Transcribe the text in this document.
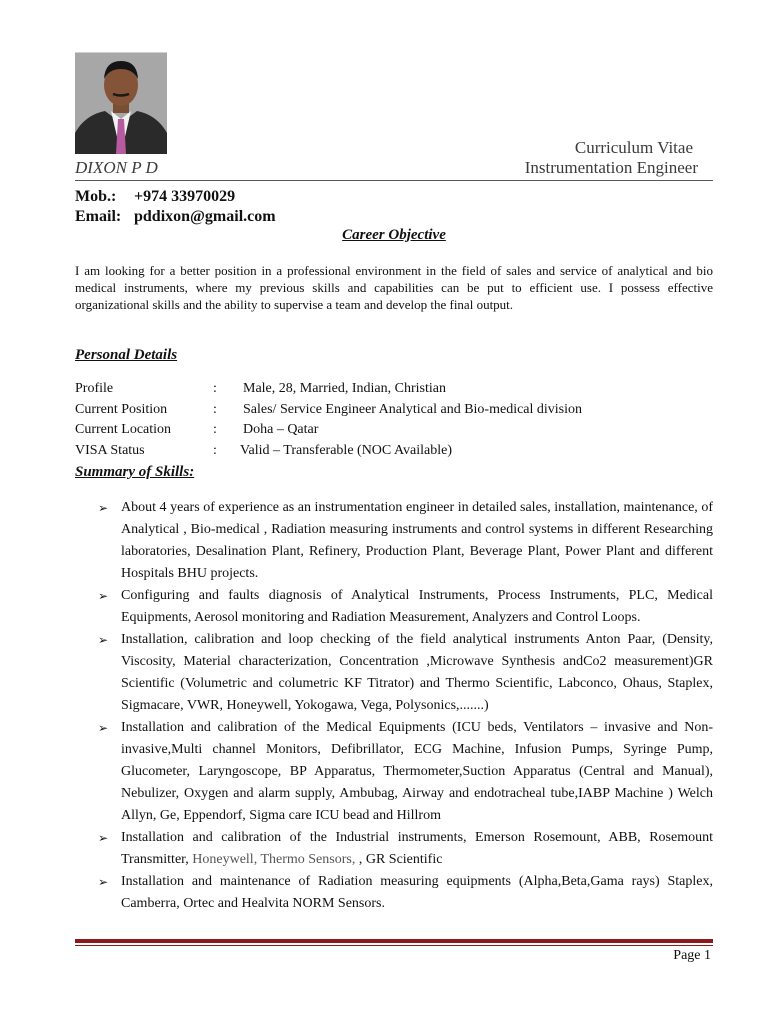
Curriculum Vitae
DIXON P D	Instrumentation Engineer
Mob.: +974 33970029
Email: pddixon@gmail.com
Career Objective
I am looking for a better position in a professional environment in the field of sales and service of analytical and bio medical instruments, where my previous skills and capabilities can be put to efficient use. I possess effective organizational skills and the ability to supervise a team and develop the final output.
Personal Details
Profile	: Male, 28, Married, Indian, Christian
Current Position	: Sales/ Service Engineer Analytical and Bio-medical division
Current Location	: Doha – Qatar
VISA Status	: Valid – Transferable (NOC Available)
Summary of Skills:
➢ About 4 years of experience as an instrumentation engineer in detailed sales, installation, maintenance, of Analytical , Bio-medical , Radiation measuring instruments and control systems in different Researching laboratories, Desalination Plant, Refinery, Production Plant, Beverage Plant, Power Plant and different Hospitals BHU projects.
➢ Configuring and faults diagnosis of Analytical Instruments, Process Instruments, PLC, Medical Equipments, Aerosol monitoring and Radiation Measurement, Analyzers and Control Loops.
➢ Installation, calibration and loop checking of the field analytical instruments Anton Paar, (Density, Viscosity, Material characterization, Concentration ,Microwave Synthesis andCo2 measurement)GR Scientific (Volumetric and columetric KF Titrator) and Thermo Scientific, Labconco, Ohaus, Staplex, Sigmacare, VWR, Honeywell, Yokogawa, Vega, Polysonics,.......)
➢ Installation and calibration of the Medical Equipments (ICU beds, Ventilators – invasive and Non-invasive,Multi channel Monitors, Defibrillator, ECG Machine, Infusion Pumps, Syringe Pump, Glucometer, Laryngoscope, BP Apparatus, Thermometer,Suction Apparatus (Central and Manual), Nebulizer, Oxygen and alarm supply, Ambubag, Airway and endotracheal tube,IABP Machine ) Welch Allyn, Ge, Eppendorf, Sigma care ICU bead and Hillrom
➢ Installation and calibration of the Industrial instruments, Emerson Rosemount, ABB, Rosemount Transmitter, Honeywell, Thermo Sensors, , GR Scientific
➢ Installation and maintenance of Radiation measuring equipments (Alpha,Beta,Gama rays) Staplex, Camberra, Ortec and Healvita NORM Sensors.
Page 1
